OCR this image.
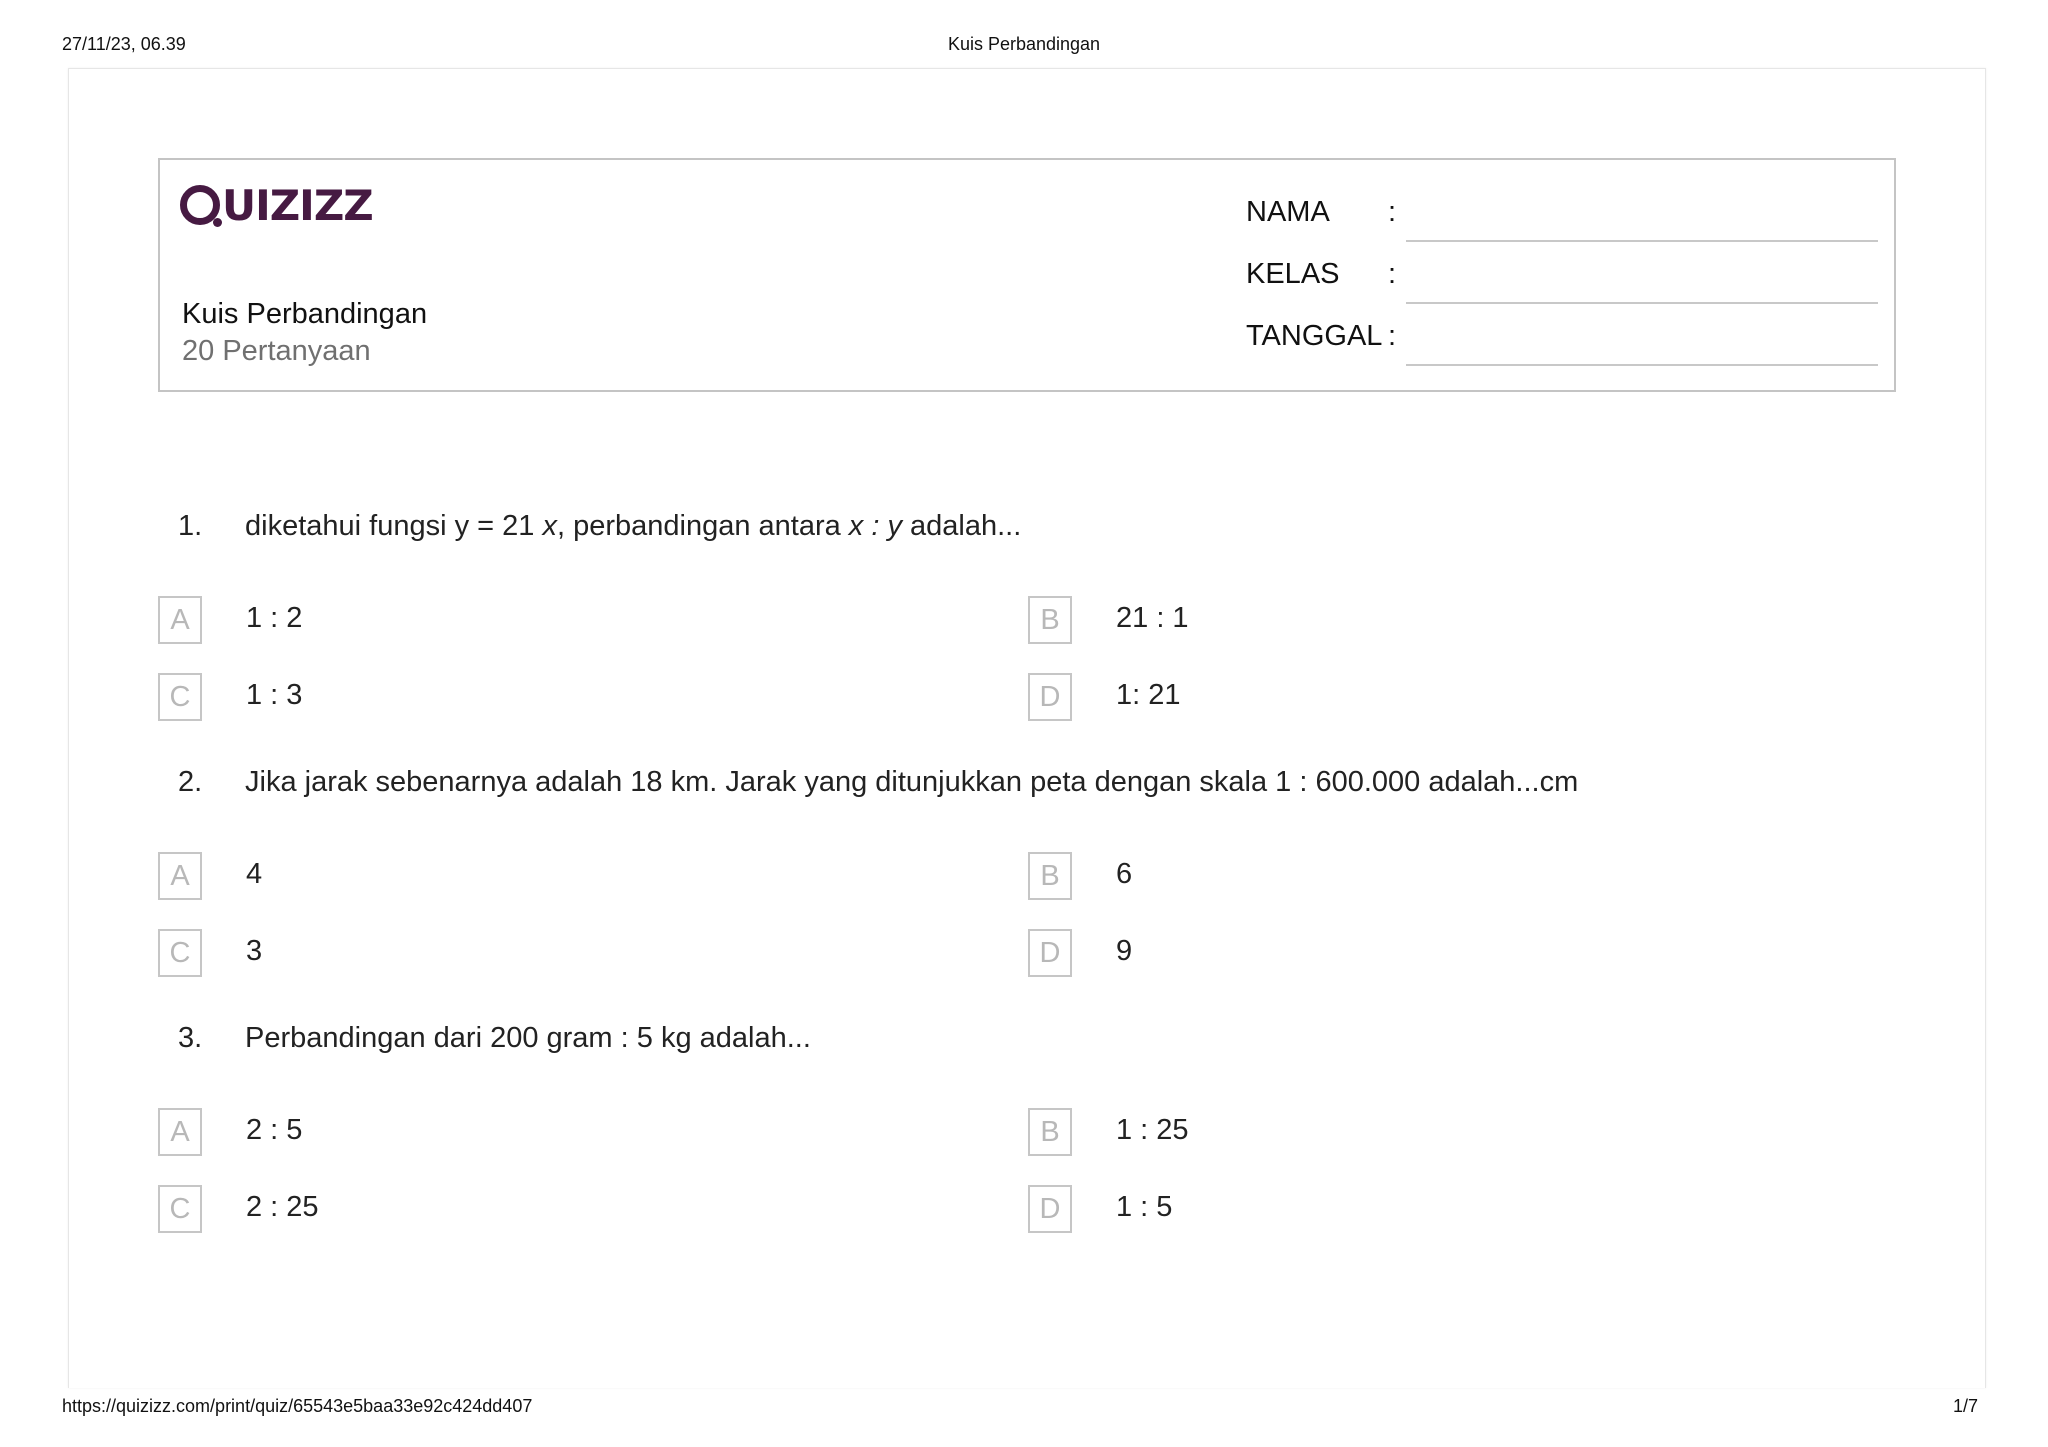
27/11/23, 06.39	Kuis Perbandingan
UIZIZZ
Kuis Perbandingan
20 Pertanyaan
NAMA :
KELAS :
TANGGAL :
1. diketahui fungsi y = 21 x, perbandingan antara x : y adalah...
A	1 : 2	B	21 : 1
C	1 : 3	D	1: 21
2. Jika jarak sebenarnya adalah 18 km. Jarak yang ditunjukkan peta dengan skala 1 : 600.000 adalah...cm
A	4	B	6
C	3	D	9
3. Perbandingan dari 200 gram : 5 kg adalah...
A	2 : 5	B	1 : 25
C	2 : 25	D	1 : 5
https://quizizz.com/print/quiz/65543e5baa33e92c424dd407	1/7
